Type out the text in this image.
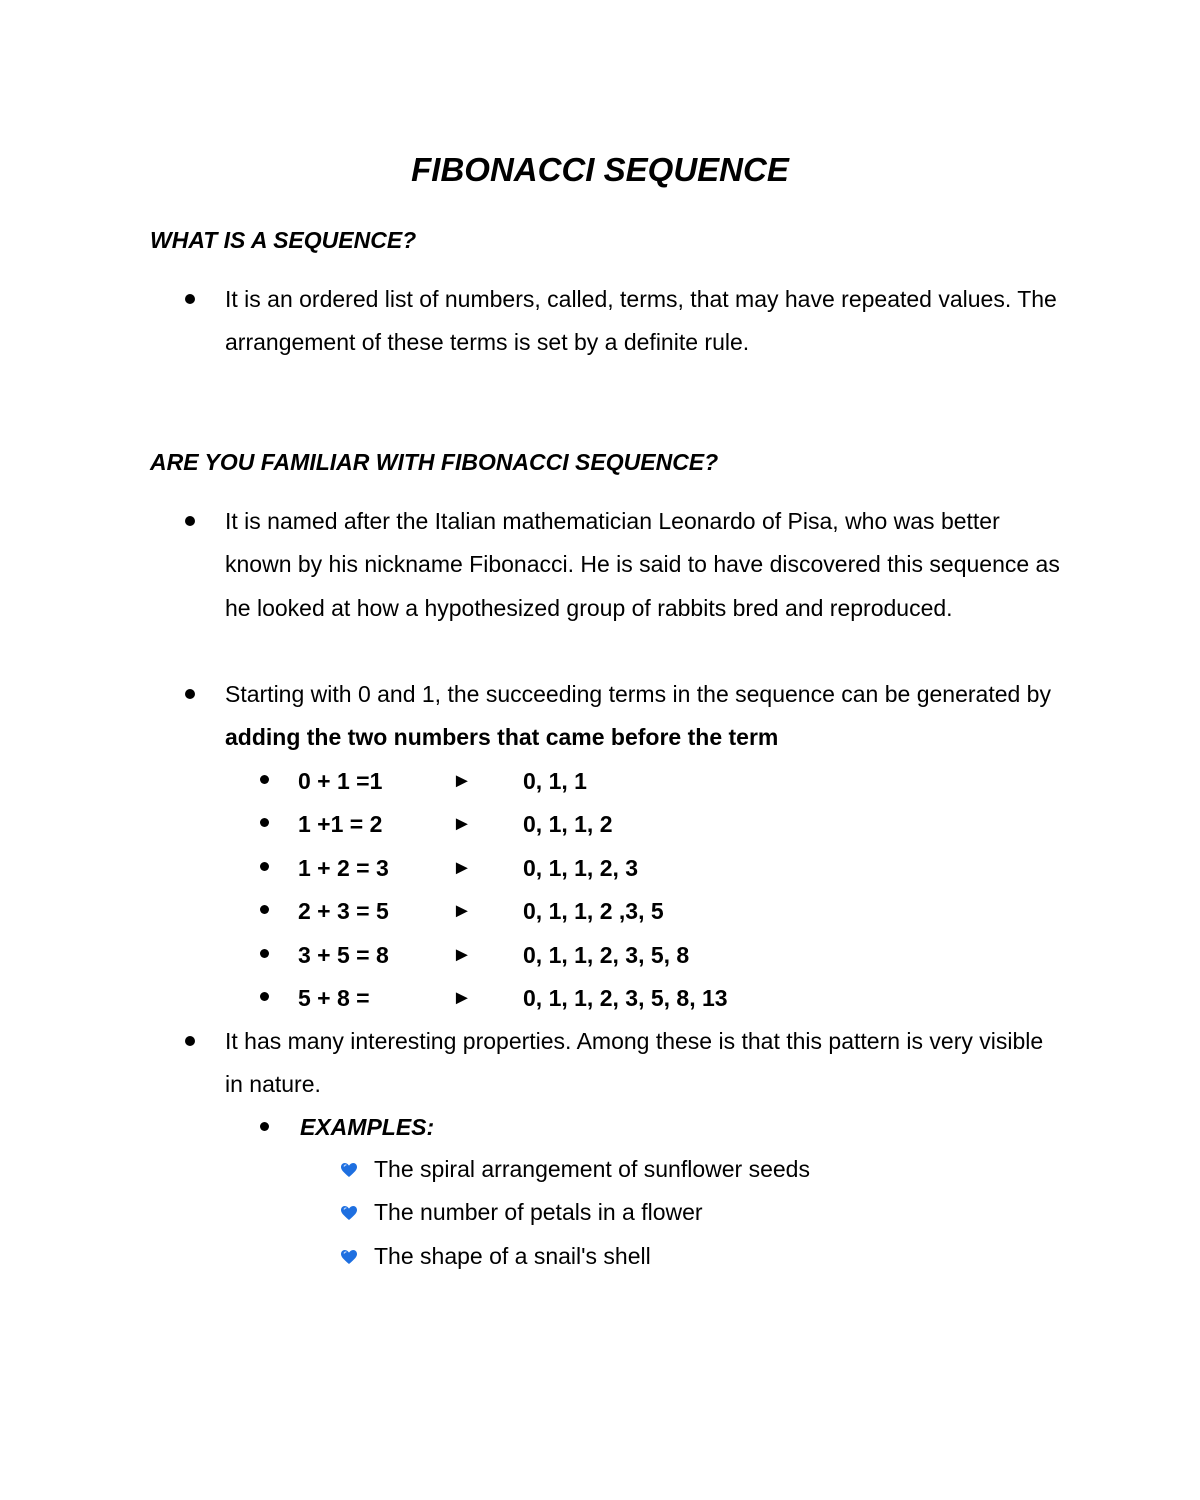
FIBONACCI SEQUENCE
WHAT IS A SEQUENCE?

It is an ordered list of numbers, called, terms, that may have repeated values. The arrangement of these terms is set by a definite rule.

ARE YOU FAMILIAR WITH FIBONACCI SEQUENCE?

It is named after the Italian mathematician Leonardo of Pisa, who was better known by his nickname Fibonacci. He is said to have discovered this sequence as he looked at how a hypothesized group of rabbits bred and reproduced.

Starting with 0 and 1, the succeeding terms in the sequence can be generated by adding the two numbers that came before the term

0 + 1 =1	► 0, 1, 1
1 +1 = 2	► 0, 1, 1, 2
1 + 2 = 3	► 0, 1, 1, 2, 3
2 + 3 = 5	► 0, 1, 1, 2 ,3, 5
3 + 5 = 8	► 0, 1, 1, 2, 3, 5, 8
5 + 8 =	► 0, 1, 1, 2, 3, 5, 8, 13

It has many interesting properties. Among these is that this pattern is very visible in nature.

EXAMPLES:
The spiral arrangement of sunflower seeds
The number of petals in a flower
The shape of a snail's shell
